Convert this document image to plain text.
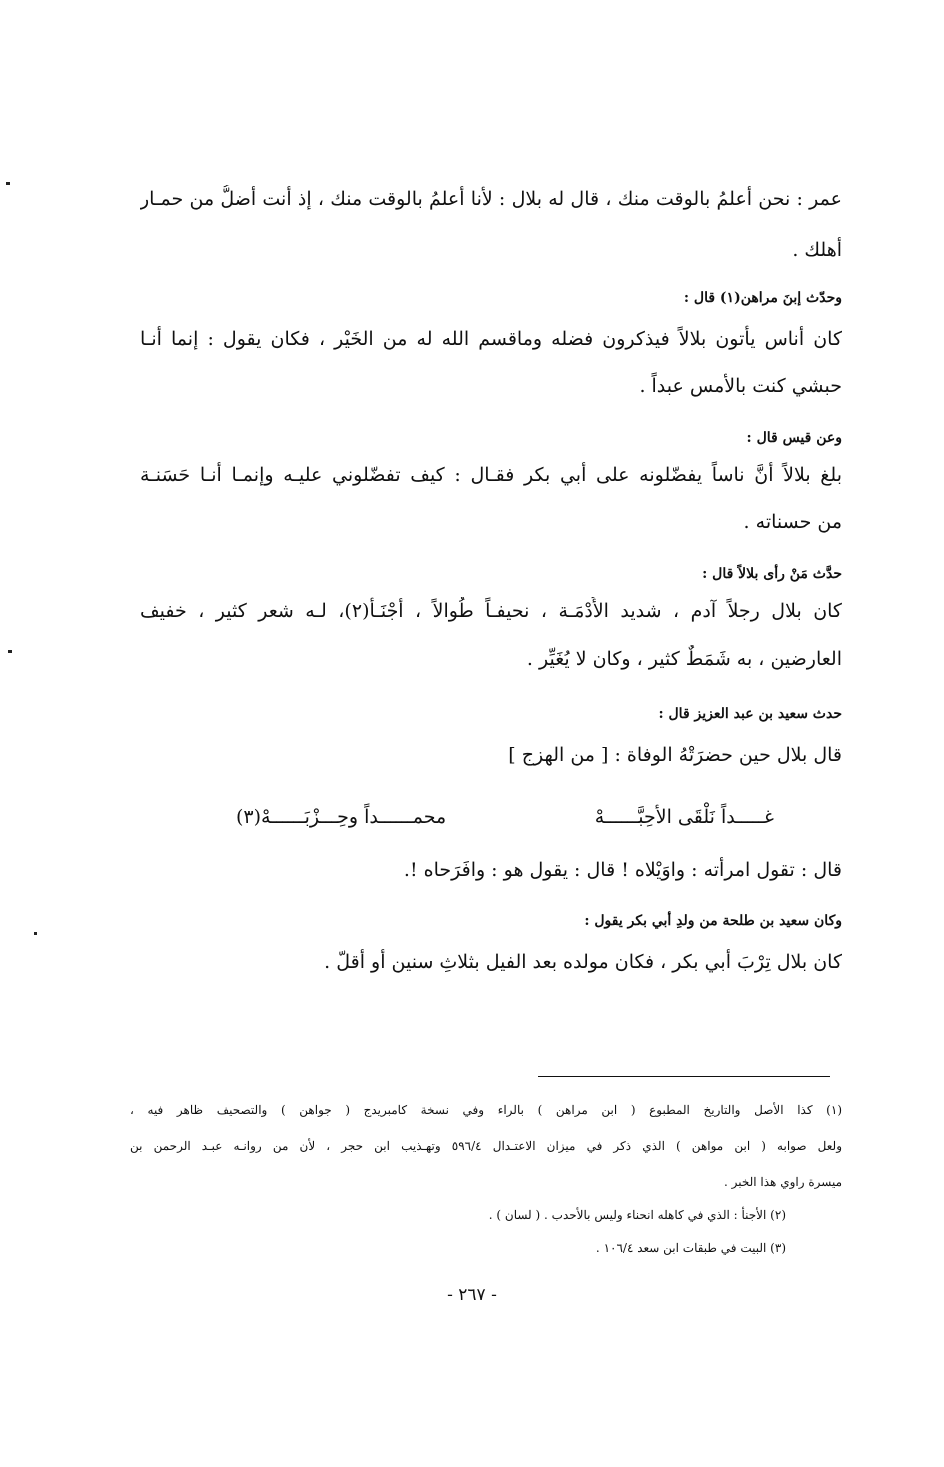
عمر : نحن أعلمُ بالوقت منك ، قال له بلال : لأنا أعلمُ بالوقت منك ، إذ أنت أضلُّ من حمـار
أهلك .
وحدّث إبنَ مراهن(١) قال :
كان أناس يأتون بلالاً فيذكرون فضله وماقسم الله له من الخَيْر ، فكان يقول : إنما أنـا
حبشي كنت بالأمس عبداً .
وعن قيس قال :
بلغ بلالاً أنَّ ناساً يفضّلونه على أبي بكر فقـال : كيف تفضّلوني عليـه وإنمـا أنـا حَسَنـة
من حسناته .
حدَّث مَنْ رأى بلالاً قال :
كان بلال رجلاً آدم ، شديد الأُدْمَـة ، نحيفـاً طُوالاً ، أجْنَـأ(٢)، لـه شعر كثير ، خفيف
العارضين ، به شَمَطٌ كثير ، وكان لا يُغَيِّر .
حدث سعيد بن عبد العزيز قال :
قال بلال حين حضرَتْهُ الوفاة : [ من الهزج ]
غـــــداً نَلْقَى الأحِبَّــــــهْ
محمــــــداً وحِـــزْبَــــــهْ(٣)
قال : تقول امرأته : واوَيْلاه ! قال : يقول هو : وافَرَحاه !.
وكان سعيد بن طلحة من ولدِ أبي بكر يقول :
كان بلال تِرْبَ أبي بكر ، فكان مولده بعد الفيل بثلاثِ سنين أو أقلّ .
(١) كذا الأصل والتاريخ المطبوع ( ابن مراهن ) بالراء وفي نسخة كامبريدج ( جواهن ) والتصحيف ظاهر فيه ،
ولعل صوابه ( ابن مواهن ) الذي ذكر في ميزان الاعتـدال ٥٩٦/٤ وتهـذيب ابن حجر ، لأن من روانـه عبـد الرحمن بن
ميسرة راوي هذا الخبر .
(٢) الأجنأ : الذي في كاهله انحناء وليس بالأحدب . ( لسان ) .
(٣) البيت في طبقات ابن سعد ١٠٦/٤ .
- ٢٦٧ -
